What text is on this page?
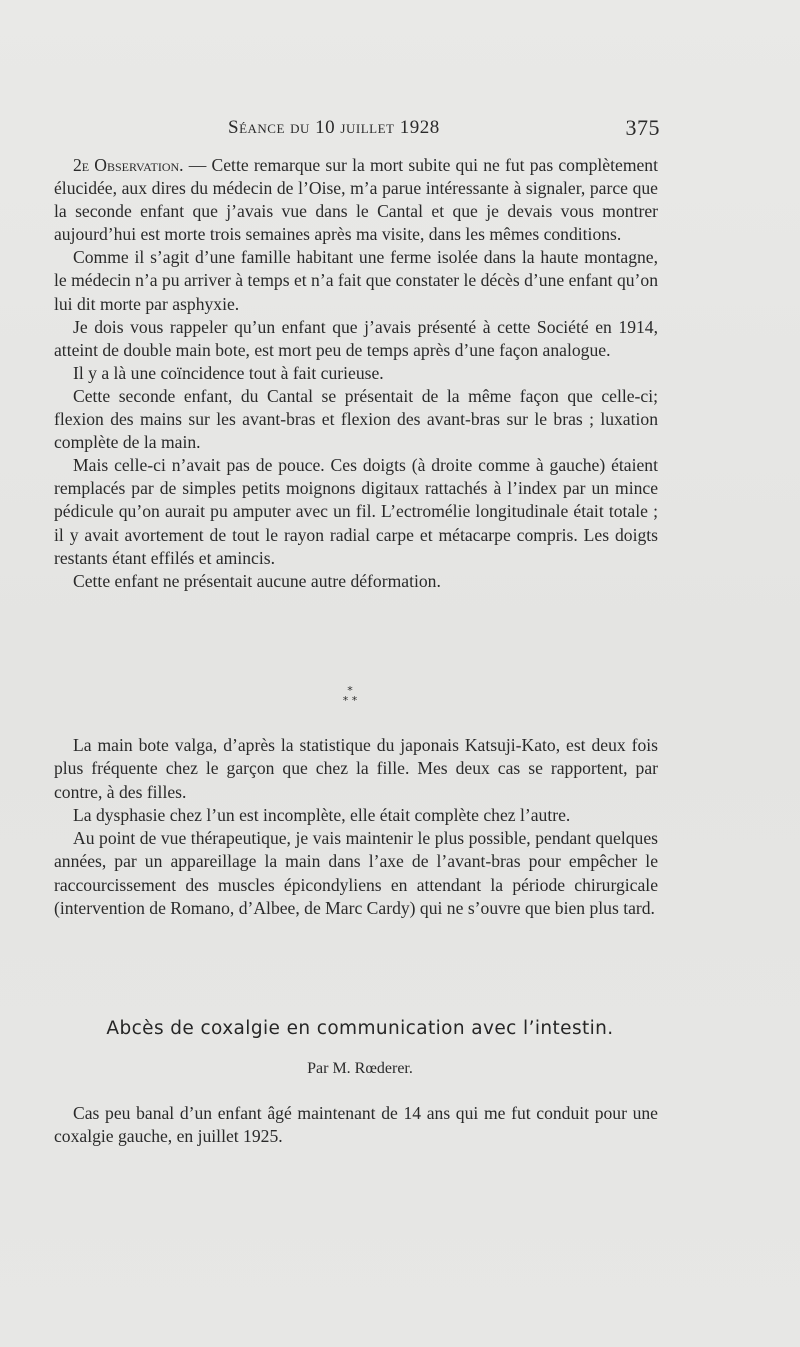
Séance du 10 juillet 1928	375

2e Observation. — Cette remarque sur la mort subite qui ne fut pas complètement élucidée, aux dires du médecin de l’Oise, m’a parue intéressante à signaler, parce que la seconde enfant que j’avais vue dans le Cantal et que je devais vous montrer aujourd’hui est morte trois semaines après ma visite, dans les mêmes conditions.

Comme il s’agit d’une famille habitant une ferme isolée dans la haute montagne, le médecin n’a pu arriver à temps et n’a fait que constater le décès d’une enfant qu’on lui dit morte par asphyxie.

Je dois vous rappeler qu’un enfant que j’avais présenté à cette Société en 1914, atteint de double main bote, est mort peu de temps après d’une façon analogue.

Il y a là une coïncidence tout à fait curieuse.

Cette seconde enfant, du Cantal se présentait de la même façon que celle-ci; flexion des mains sur les avant-bras et flexion des avant-bras sur le bras ; luxation complète de la main.

Mais celle-ci n’avait pas de pouce. Ces doigts (à droite comme à gauche) étaient remplacés par de simples petits moignons digitaux rattachés à l’index par un mince pédicule qu’on aurait pu amputer avec un fil. L’ectromélie longitudinale était totale ; il y avait avortement de tout le rayon radial carpe et métacarpe compris. Les doigts restants étant effilés et amincis.

Cette enfant ne présentait aucune autre déformation.

*
* *

La main bote valga, d’après la statistique du japonais Katsuji-Kato, est deux fois plus fréquente chez le garçon que chez la fille. Mes deux cas se rapportent, par contre, à des filles.

La dysphasie chez l’un est incomplète, elle était complète chez l’autre.

Au point de vue thérapeutique, je vais maintenir le plus possible, pendant quelques années, par un appareillage la main dans l’axe de l’avant-bras pour empêcher le raccourcissement des muscles épicondyliens en attendant la période chirurgicale (intervention de Romano, d’Albee, de Marc Cardy) qui ne s’ouvre que bien plus tard.

Abcès de coxalgie en communication avec l’intestin.
Par M. Rœderer.

Cas peu banal d’un enfant âgé maintenant de 14 ans qui me fut conduit pour une coxalgie gauche, en juillet 1925.
